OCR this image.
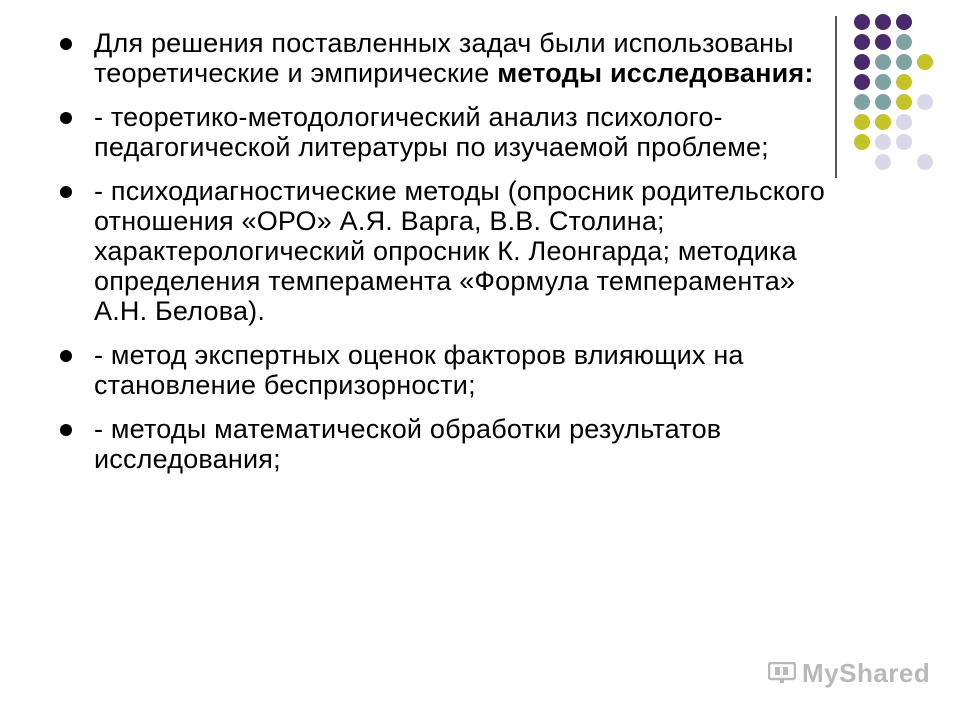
Для решения поставленных задач были использованы теоретические и эмпирические методы исследования:
- теоретико-методологический анализ психолого- педагогической литературы по изучаемой проблеме;
- психодиагностические методы (опросник родительского отношения «ОРО» А.Я. Варга, В.В. Столина; характерологический опросник К. Леонгарда; методика определения темперамента «Формула темперамента» А.Н. Белова).
- метод экспертных оценок факторов влияющих на становление беспризорности;
- методы математической обработки результатов исследования;
MyShared
